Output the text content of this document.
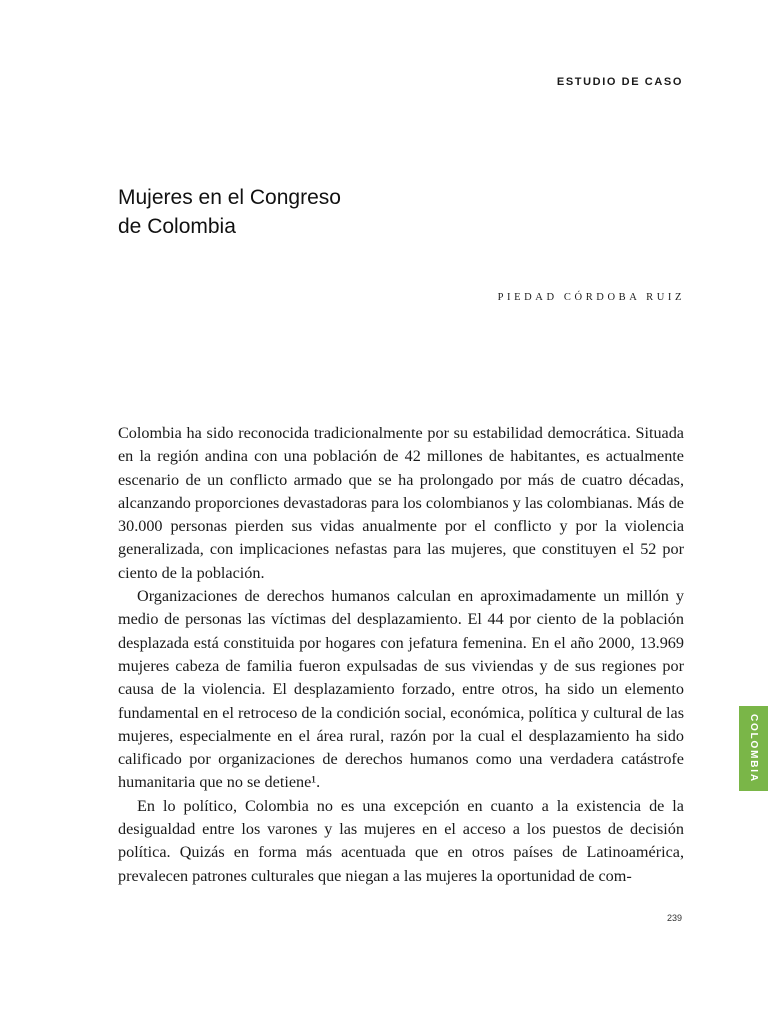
ESTUDIO DE CASO
Mujeres en el Congreso
de Colombia
PIEDAD CÓRDOBA RUIZ

Colombia ha sido reconocida tradicionalmente por su estabilidad democrática. Situada en la región andina con una población de 42 millones de habitantes, es actualmente escenario de un conflicto armado que se ha prolongado por más de cuatro décadas, alcanzando proporciones devastadoras para los colombianos y las colombianas. Más de 30.000 personas pierden sus vidas anualmente por el conflicto y por la violencia generalizada, con implicaciones nefastas para las mujeres, que constituyen el 52 por ciento de la población.

Organizaciones de derechos humanos calculan en aproximadamente un millón y medio de personas las víctimas del desplazamiento. El 44 por ciento de la población desplazada está constituida por hogares con jefatura femenina. En el año 2000, 13.969 mujeres cabeza de familia fueron expulsadas de sus viviendas y de sus regiones por causa de la violencia. El desplazamiento forzado, entre otros, ha sido un elemento fundamental en el retroceso de la condición social, económica, política y cultural de las mujeres, especialmente en el área rural, razón por la cual el desplazamiento ha sido calificado por organizaciones de derechos humanos como una verdadera catástrofe humanitaria que no se detiene¹.

En lo político, Colombia no es una excepción en cuanto a la existencia de la desigualdad entre los varones y las mujeres en el acceso a los puestos de decisión política. Quizás en forma más acentuada que en otros países de Latinoamérica, prevalecen patrones culturales que niegan a las mujeres la oportunidad de com-

COLOMBIA
239
